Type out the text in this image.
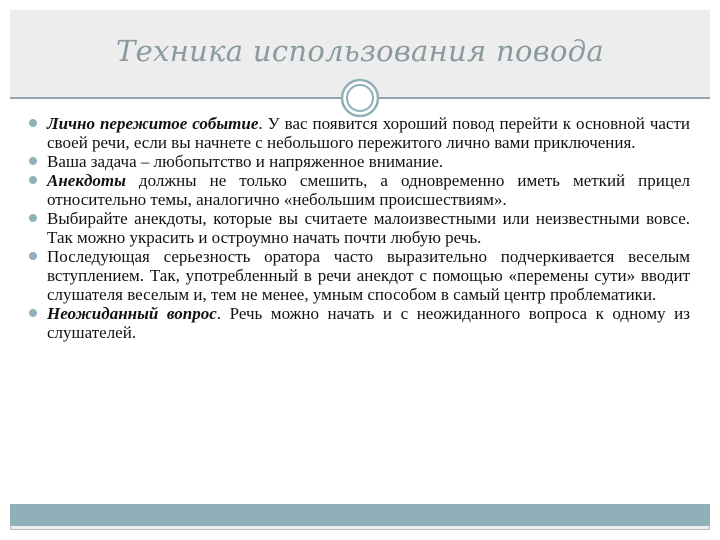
Техника использования повода
Лично пережитое событие. У вас появится хороший повод перейти к основной части своей речи, если вы начнете с небольшого пережитого лично вами приключения.
Ваша задача – любопытство и напряженное внимание.
Анекдоты должны не только смешить, а одновременно иметь меткий прицел относительно темы, аналогично «небольшим происшествиям».
Выбирайте анекдоты, которые вы считаете малоизвестными или неизвестными вовсе. Так можно украсить и остроумно начать почти любую речь.
Последующая серьезность оратора часто выразительно подчеркивается веселым вступлением. Так, употребленный в речи анекдот с помощью «перемены сути» вводит слушателя веселым и, тем не менее, умным способом в самый центр проблематики.
Неожиданный вопрос. Речь можно начать и с неожиданного вопроса к одному из слушателей.
